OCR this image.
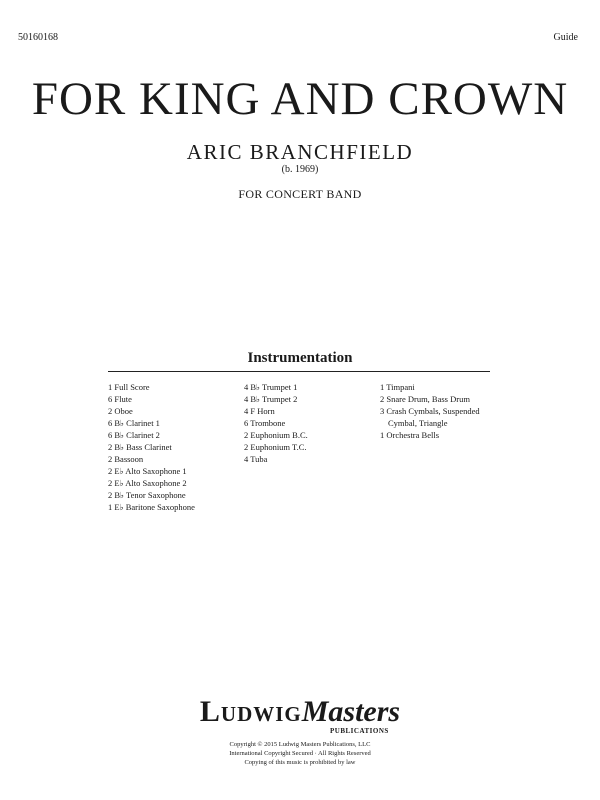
50160168	Guide
FOR KING AND CROWN
ARIC BRANCHFIELD
(b. 1969)
FOR CONCERT BAND
Instrumentation
1 Full Score
6 Flute
2 Oboe
6 B♭ Clarinet 1
6 B♭ Clarinet 2
2 B♭ Bass Clarinet
2 Bassoon
2 E♭ Alto Saxophone 1
2 E♭ Alto Saxophone 2
2 B♭ Tenor Saxophone
1 E♭ Baritone Saxophone
4 B♭ Trumpet 1
4 B♭ Trumpet 2
4 F Horn
6 Trombone
2 Euphonium B.C.
2 Euphonium T.C.
4 Tuba
1 Timpani
2 Snare Drum, Bass Drum
3 Crash Cymbals, Suspended
Cymbal, Triangle
1 Orchestra Bells
LudwigMasters
PUBLICATIONS
Copyright © 2015 Ludwig Masters Publications, LLC
International Copyright Secured · All Rights Reserved
Copying of this music is prohibited by law
